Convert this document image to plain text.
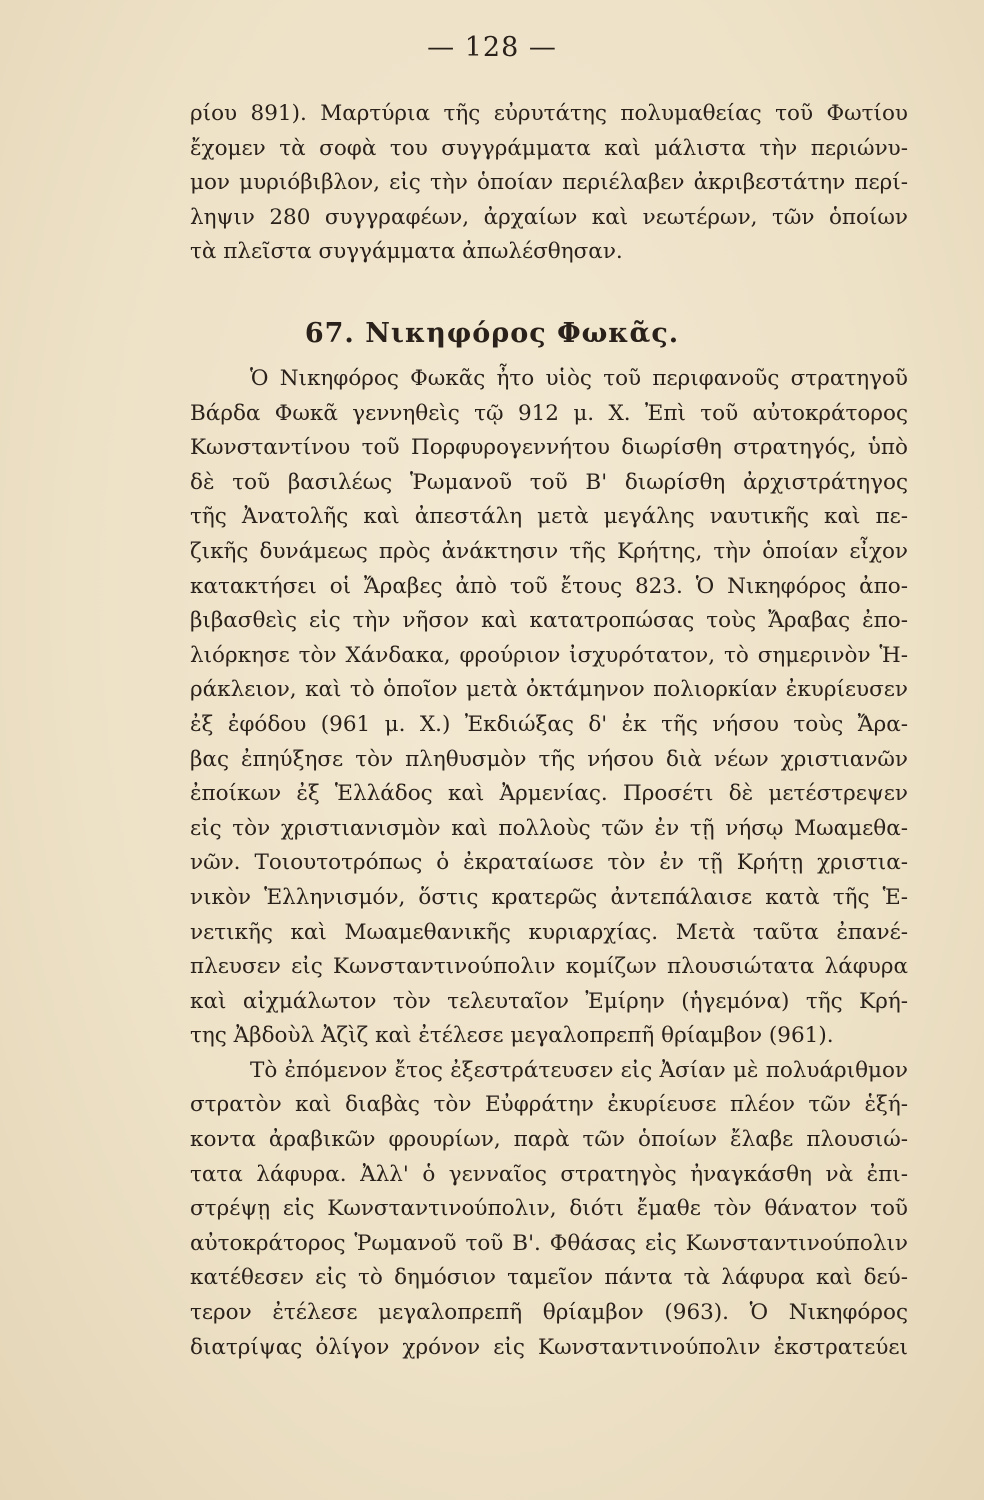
— 128 —
ρίου 891). Μαρτύρια τῆς εὐρυτάτης πολυμαθείας τοῦ Φωτίου
ἔχομεν τὰ σοφὰ του συγγράμματα καὶ μάλιστα τὴν περιώνυ-
μον μυριόβιβλον, εἰς τὴν ὁποίαν περιέλαβεν ἀκριβεστάτην περί-
ληψιν 280 συγγραφέων, ἀρχαίων καὶ νεωτέρων, τῶν ὁποίων
τὰ πλεῖστα συγγάμματα ἀπωλέσθησαν.
67. Νικηφόρος Φωκᾶς.
Ὁ Νικηφόρος Φωκᾶς ἦτο υἱὸς τοῦ περιφανοῦς στρατηγοῦ
Βάρδα Φωκᾶ γεννηθεὶς τῷ 912 μ. Χ. Ἐπὶ τοῦ αὐτοκράτορος
Κωνσταντίνου τοῦ Πορφυρογεννήτου διωρίσθη στρατηγός, ὑπὸ
δὲ τοῦ βασιλέως Ῥωμανοῦ τοῦ Β' διωρίσθη ἀρχιστράτηγος
τῆς Ἀνατολῆς καὶ ἀπεστάλη μετὰ μεγάλης ναυτικῆς καὶ πε-
ζικῆς δυνάμεως πρὸς ἀνάκτησιν τῆς Κρήτης, τὴν ὁποίαν εἶχον
κατακτήσει οἱ Ἄραβες ἀπὸ τοῦ ἔτους 823. Ὁ Νικηφόρος ἀπο-
βιβασθεὶς εἰς τὴν νῆσον καὶ κατατροπώσας τοὺς Ἄραβας ἐπο-
λιόρκησε τὸν Χάνδακα, φρούριον ἰσχυρότατον, τὸ σημερινὸν Ἡ-
ράκλειον, καὶ τὸ ὁποῖον μετὰ ὀκτάμηνον πολιορκίαν ἐκυρίευσεν
ἐξ ἐφόδου (961 μ. Χ.) Ἐκδιώξας δ' ἐκ τῆς νήσου τοὺς Ἄρα-
βας ἐπηύξησε τὸν πληθυσμὸν τῆς νήσου διὰ νέων χριστιανῶν
ἐποίκων ἐξ Ἑλλάδος καὶ Ἀρμενίας. Προσέτι δὲ μετέστρεψεν
εἰς τὸν χριστιανισμὸν καὶ πολλοὺς τῶν ἐν τῇ νήσῳ Μωαμεθα-
νῶν. Τοιουτοτρόπως ὁ ἐκραταίωσε τὸν ἐν τῇ Κρήτῃ χριστια-
νικὸν Ἑλληνισμόν, ὅστις κρατερῶς ἀντεπάλαισε κατὰ τῆς Ἑ-
νετικῆς καὶ Μωαμεθανικῆς κυριαρχίας. Μετὰ ταῦτα ἐπανέ-
πλευσεν εἰς Κωνσταντινούπολιν κομίζων πλουσιώτατα λάφυρα
καὶ αἰχμάλωτον τὸν τελευταῖον Ἐμίρην (ἡγεμόνα) τῆς Κρή-
της Ἀβδοὺλ Ἀζὶζ καὶ ἐτέλεσε μεγαλοπρεπῆ θρίαμβον (961).
Τὸ ἐπόμενον ἔτος ἐξεστράτευσεν εἰς Ἀσίαν μὲ πολυάριθμον
στρατὸν καὶ διαβὰς τὸν Εὐφράτην ἐκυρίευσε πλέον τῶν ἑξή-
κοντα ἀραβικῶν φρουρίων, παρὰ τῶν ὁποίων ἔλαβε πλουσιώ-
τατα λάφυρα. Ἀλλ' ὁ γενναῖος στρατηγὸς ἠναγκάσθη νὰ ἐπι-
στρέψῃ εἰς Κωνσταντινούπολιν, διότι ἔμαθε τὸν θάνατον τοῦ
αὐτοκράτορος Ῥωμανοῦ τοῦ Β'. Φθάσας εἰς Κωνσταντινούπολιν
κατέθεσεν εἰς τὸ δημόσιον ταμεῖον πάντα τὰ λάφυρα καὶ δεύ-
τερον ἐτέλεσε μεγαλοπρεπῆ θρίαμβον (963). Ὁ Νικηφόρος
διατρίψας ὀλίγον χρόνον εἰς Κωνσταντινούπολιν ἐκστρατεύει
